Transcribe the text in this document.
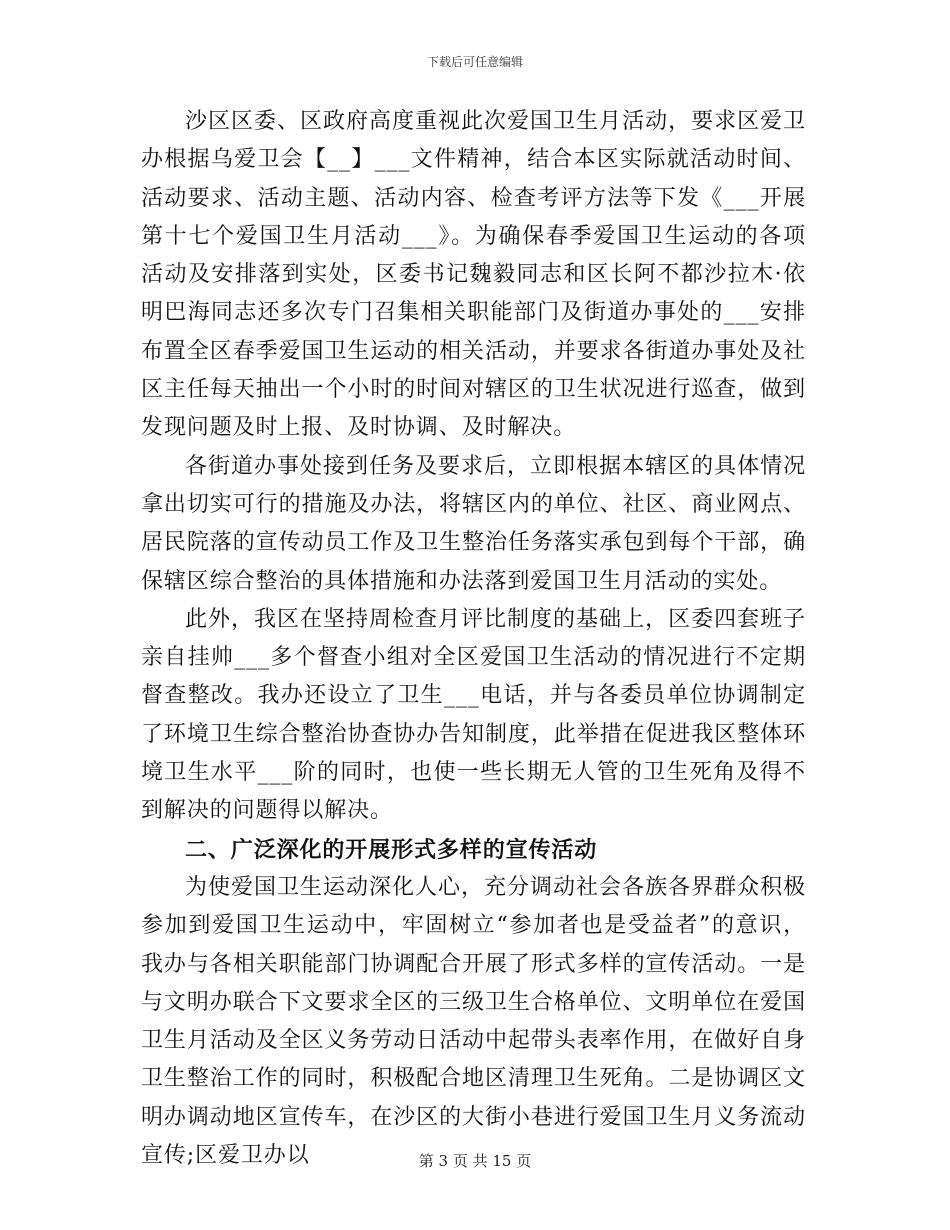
下载后可任意编辑

沙区区委、区政府高度重视此次爱国卫生月活动，要求区爱卫办根据乌爱卫会【__】___文件精神，结合本区实际就活动时间、活动要求、活动主题、活动内容、检查考评方法等下发《___开展第十七个爱国卫生月活动___》。为确保春季爱国卫生运动的各项活动及安排落到实处，区委书记魏毅同志和区长阿不都沙拉木·依明巴海同志还多次专门召集相关职能部门及街道办事处的___安排布置全区春季爱国卫生运动的相关活动，并要求各街道办事处及社区主任每天抽出一个小时的时间对辖区的卫生状况进行巡查，做到发现问题及时上报、及时协调、及时解决。

各街道办事处接到任务及要求后，立即根据本辖区的具体情况拿出切实可行的措施及办法，将辖区内的单位、社区、商业网点、居民院落的宣传动员工作及卫生整治任务落实承包到每个干部，确保辖区综合整治的具体措施和办法落到爱国卫生月活动的实处。

此外，我区在坚持周检查月评比制度的基础上，区委四套班子亲自挂帅___多个督查小组对全区爱国卫生活动的情况进行不定期督查整改。我办还设立了卫生___电话，并与各委员单位协调制定了环境卫生综合整治协查协办告知制度，此举措在促进我区整体环境卫生水平___阶的同时，也使一些长期无人管的卫生死角及得不到解决的问题得以解决。

二、广泛深化的开展形式多样的宣传活动

为使爱国卫生运动深化人心，充分调动社会各族各界群众积极参加到爱国卫生运动中，牢固树立“参加者也是受益者”的意识，我办与各相关职能部门协调配合开展了形式多样的宣传活动。一是与文明办联合下文要求全区的三级卫生合格单位、文明单位在爱国卫生月活动及全区义务劳动日活动中起带头表率作用，在做好自身卫生整治工作的同时，积极配合地区清理卫生死角。二是协调区文明办调动地区宣传车，在沙区的大街小巷进行爱国卫生月义务流动宣传;区爱卫办以	第 3 页 共 15 页
